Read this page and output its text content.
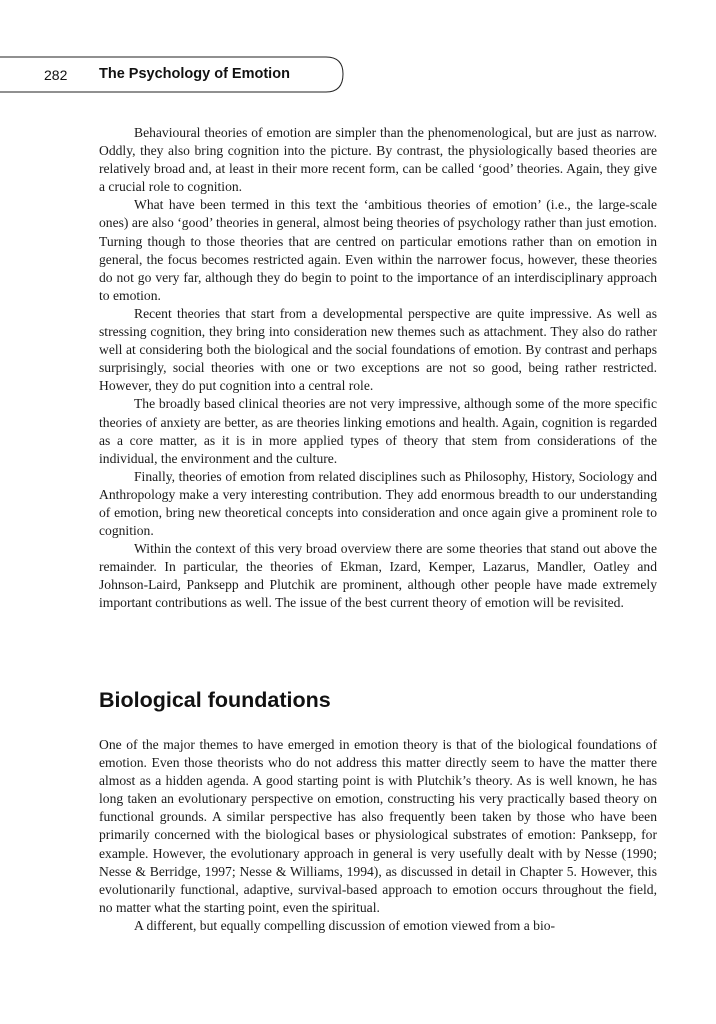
282 The Psychology of Emotion

Behavioural theories of emotion are simpler than the phenomenological, but are just as narrow. Oddly, they also bring cognition into the picture. By contrast, the physiologically based theories are relatively broad and, at least in their more recent form, can be called ‘good’ theories. Again, they give a crucial role to cognition.

What have been termed in this text the ‘ambitious theories of emotion’ (i.e., the large-scale ones) are also ‘good’ theories in general, almost being theories of psychology rather than just emotion. Turning though to those theories that are centred on particular emotions rather than on emotion in general, the focus becomes restricted again. Even within the narrower focus, however, these theories do not go very far, although they do begin to point to the importance of an interdisciplinary approach to emotion.

Recent theories that start from a developmental perspective are quite impressive. As well as stressing cognition, they bring into consideration new themes such as attachment. They also do rather well at considering both the biological and the social foundations of emotion. By contrast and perhaps surprisingly, social theories with one or two exceptions are not so good, being rather restricted. However, they do put cognition into a central role.

The broadly based clinical theories are not very impressive, although some of the more specific theories of anxiety are better, as are theories linking emotions and health. Again, cognition is regarded as a core matter, as it is in more applied types of theory that stem from considerations of the individual, the environment and the culture.

Finally, theories of emotion from related disciplines such as Philosophy, History, Sociology and Anthropology make a very interesting contribution. They add enormous breadth to our understanding of emotion, bring new theoretical concepts into consideration and once again give a prominent role to cognition.

Within the context of this very broad overview there are some theories that stand out above the remainder. In particular, the theories of Ekman, Izard, Kemper, Lazarus, Mandler, Oatley and Johnson-Laird, Panksepp and Plutchik are prominent, although other people have made extremely important contributions as well. The issue of the best current theory of emotion will be revisited.

Biological foundations

One of the major themes to have emerged in emotion theory is that of the biological foundations of emotion. Even those theorists who do not address this matter directly seem to have the matter there almost as a hidden agenda. A good starting point is with Plutchik’s theory. As is well known, he has long taken an evolutionary perspective on emotion, constructing his very practically based theory on functional grounds. A similar perspective has also frequently been taken by those who have been primarily concerned with the biological bases or physiological substrates of emotion: Panksepp, for example. However, the evolutionary approach in general is very usefully dealt with by Nesse (1990; Nesse & Berridge, 1997; Nesse & Williams, 1994), as discussed in detail in Chapter 5. However, this evolutionarily functional, adaptive, survival-based approach to emotion occurs throughout the field, no matter what the starting point, even the spiritual.

A different, but equally compelling discussion of emotion viewed from a bio-
